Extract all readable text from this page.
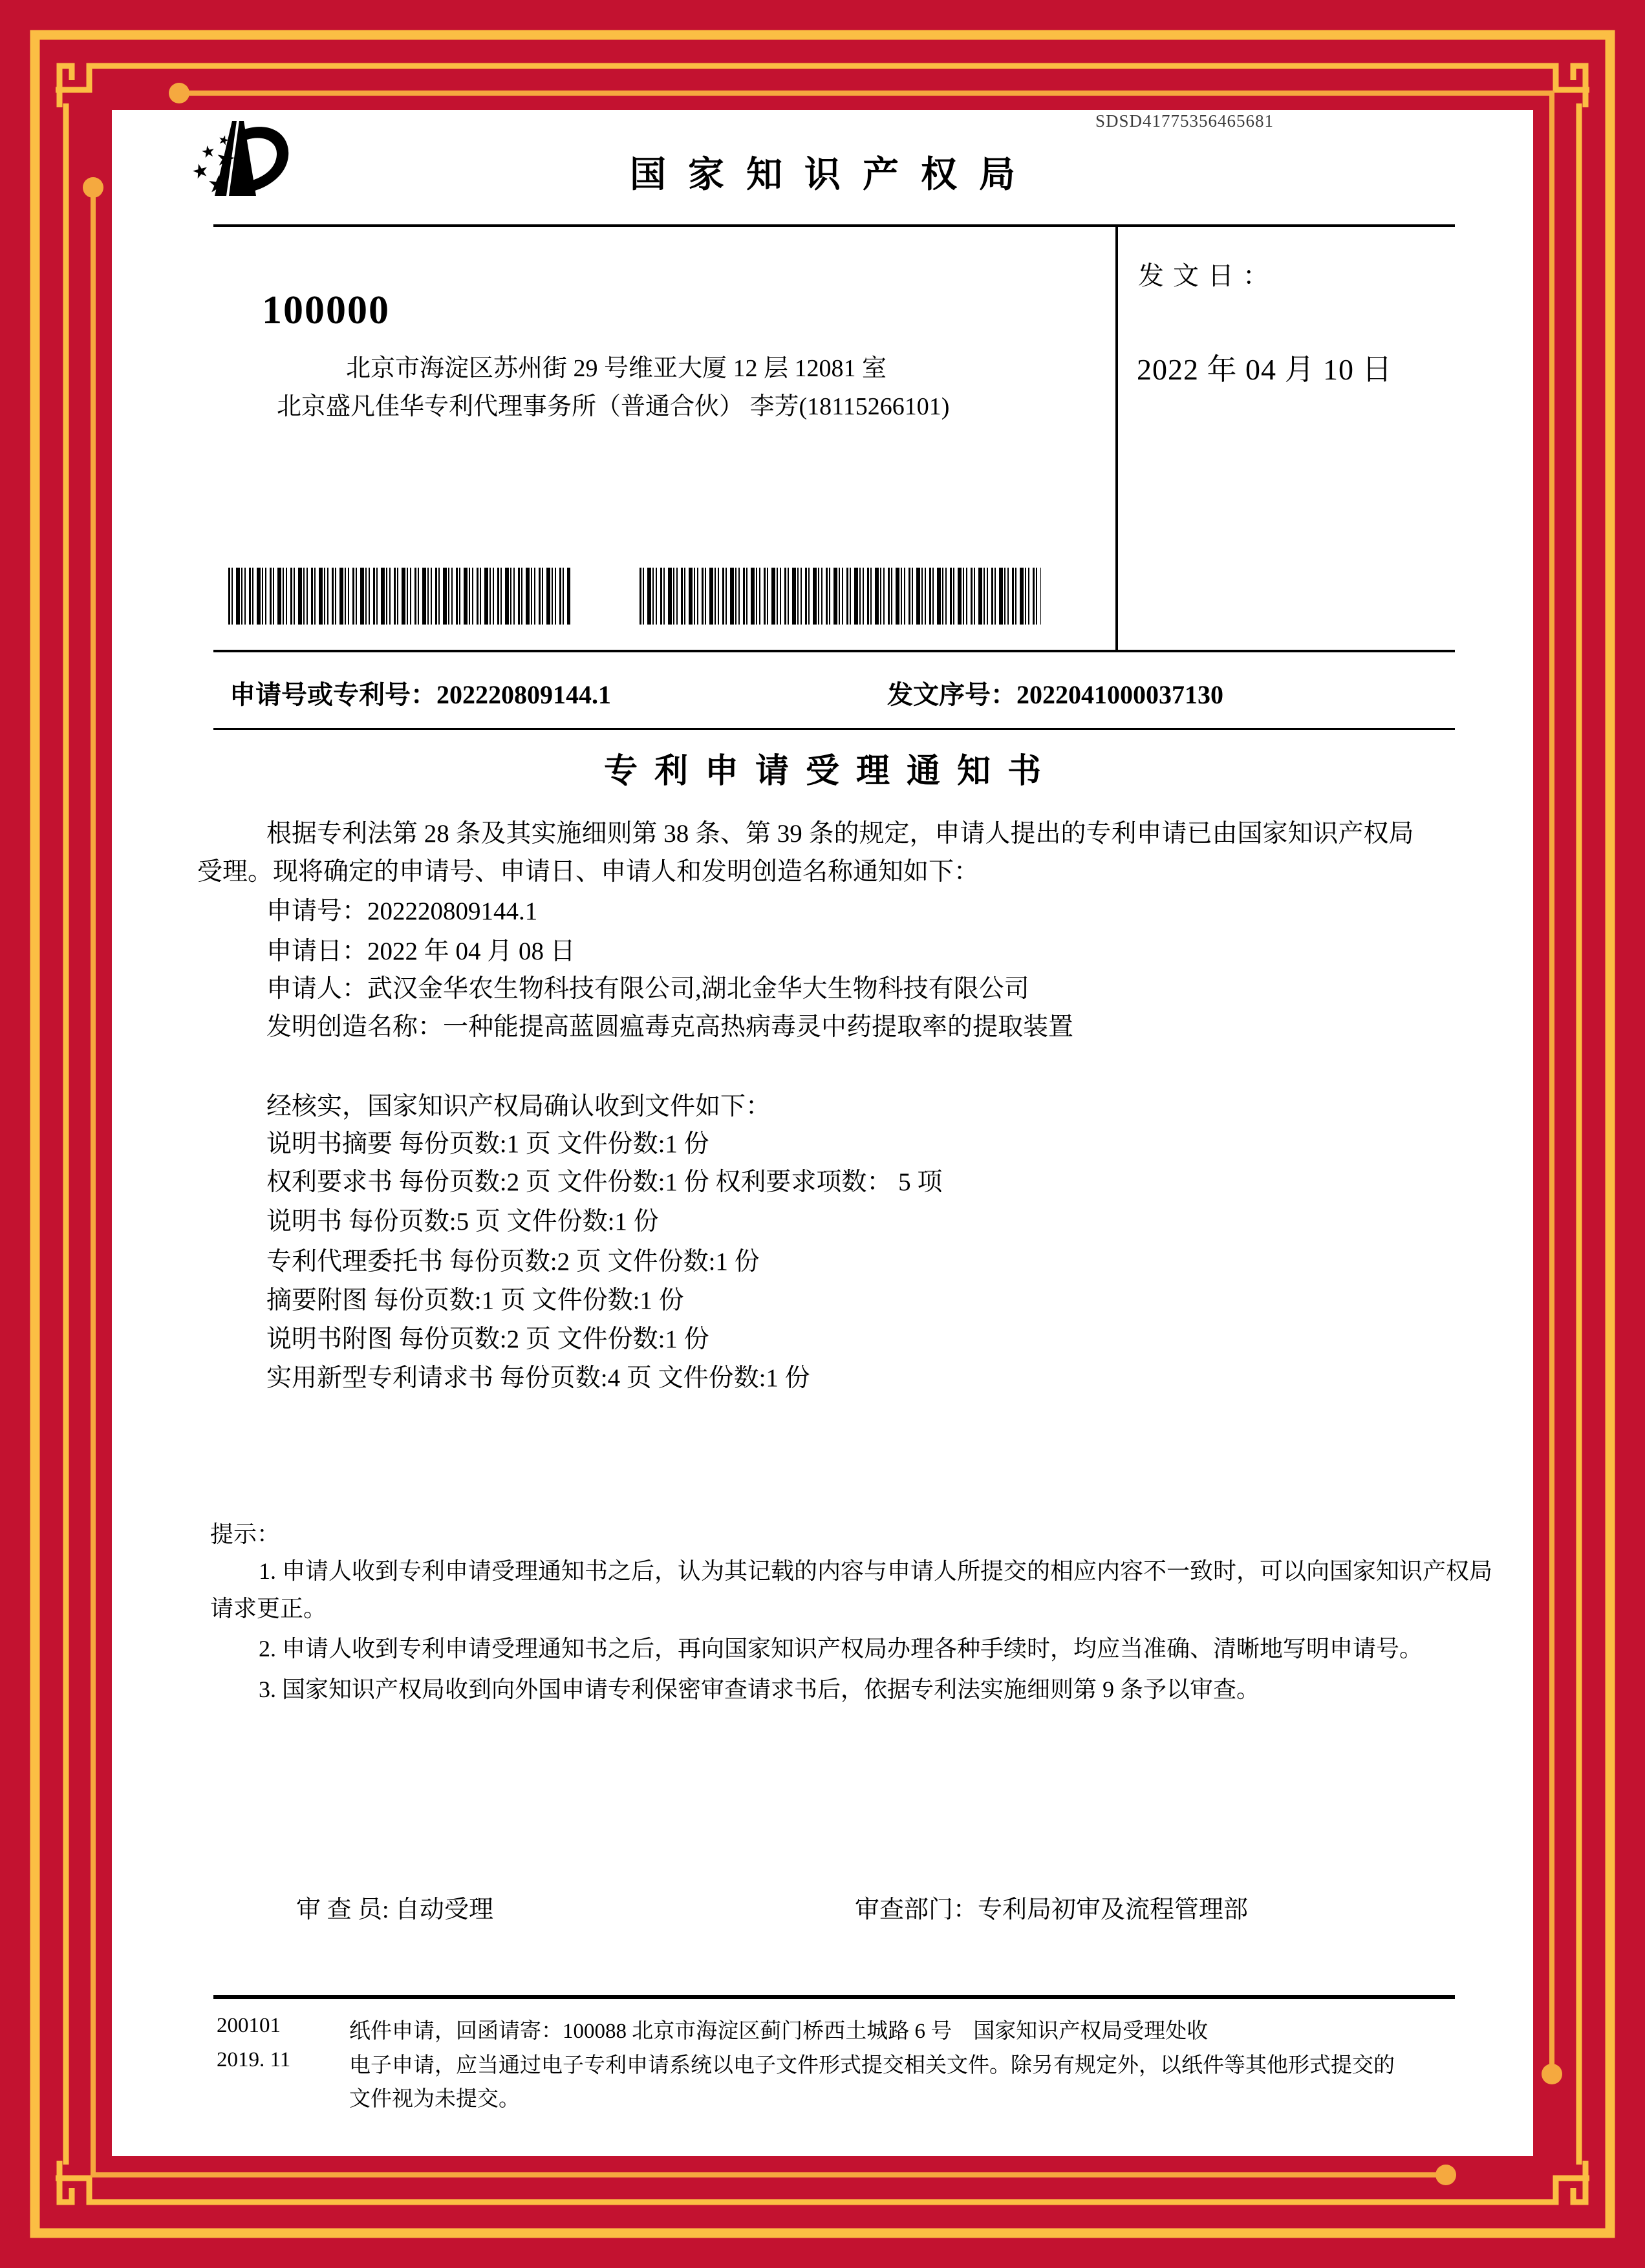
SDSD41775356465681
国家知识产权局
100000
北京市海淀区苏州街 29 号维亚大厦 12 层 12081 室
北京盛凡佳华专利代理事务所（普通合伙） 李芳(18115266101)
发文日：
2022 年 04 月 10 日
申请号或专利号：202220809144.1	发文序号：2022041000037130
专利申请受理通知书
根据专利法第 28 条及其实施细则第 38 条、第 39 条的规定，申请人提出的专利申请已由国家知识产权局
受理。现将确定的申请号、申请日、申请人和发明创造名称通知如下：
申请号：202220809144.1
申请日：2022 年 04 月 08 日
申请人：武汉金华农生物科技有限公司,湖北金华大生物科技有限公司
发明创造名称：一种能提高蓝圆瘟毒克高热病毒灵中药提取率的提取装置
经核实，国家知识产权局确认收到文件如下：
说明书摘要 每份页数:1 页 文件份数:1 份
权利要求书 每份页数:2 页 文件份数:1 份 权利要求项数： 5 项
说明书 每份页数:5 页 文件份数:1 份
专利代理委托书 每份页数:2 页 文件份数:1 份
摘要附图 每份页数:1 页 文件份数:1 份
说明书附图 每份页数:2 页 文件份数:1 份
实用新型专利请求书 每份页数:4 页 文件份数:1 份
提示：
1. 申请人收到专利申请受理通知书之后，认为其记载的内容与申请人所提交的相应内容不一致时，可以向国家知识产权局
请求更正。
2. 申请人收到专利申请受理通知书之后，再向国家知识产权局办理各种手续时，均应当准确、清晰地写明申请号。
3. 国家知识产权局收到向外国申请专利保密审查请求书后，依据专利法实施细则第 9 条予以审查。
审 查 员: 自动受理	审查部门：专利局初审及流程管理部
200101
2019. 11
纸件申请，回函请寄：100088 北京市海淀区蓟门桥西土城路 6 号　国家知识产权局受理处收
电子申请，应当通过电子专利申请系统以电子文件形式提交相关文件。除另有规定外，以纸件等其他形式提交的
文件视为未提交。
